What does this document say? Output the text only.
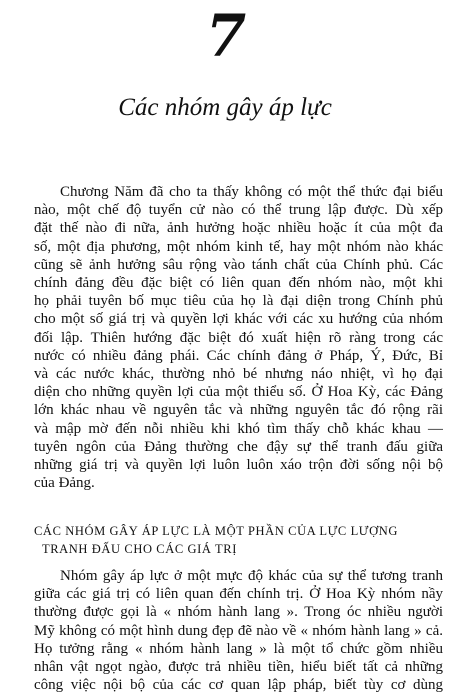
7
Các nhóm gây áp lực
Chương Năm đã cho ta thấy không có một thể thức đại biểu
nào, một chế độ tuyển cử nào có thể trung lập được. Dù xếp
đặt thế nào đi nữa, ảnh hưởng hoặc nhiều hoặc ít của một đa
số, một địa phương, một nhóm kinh tế, hay một nhóm nào khác
cũng sẽ ảnh hưởng sâu rộng vào tánh chất của Chính phủ. Các
chính đảng đều đặc biệt có liên quan đến nhóm nào, một khi
họ phải tuyên bố mục tiêu của họ là đại diện trong Chính phủ
cho một số giá trị và quyền lợi khác với các xu hướng của nhóm
đối lập. Thiên hướng đặc biệt đó xuất hiện rõ ràng trong các
nước có nhiều đảng phái. Các chính đảng ở Pháp, Ý, Đức, Bỉ
và các nước khác, thường nhỏ bé nhưng náo nhiệt, vì họ đại
diện cho những quyền lợi của một thiểu số. Ở Hoa Kỳ, các Đảng
lớn khác nhau về nguyên tắc và những nguyên tắc đó rộng rãi
và mập mờ đến nỗi nhiều khi khó tìm thấy chỗ khác khau —
tuyên ngôn của Đảng thường che đậy sự thể tranh đấu giữa
những giá trị và quyền lợi luôn luôn xáo trộn đời sống nội bộ
của Đảng.
CÁC NHÓM GÂY ÁP LỰC LÀ MỘT PHẦN CỦA LỰC LƯỢNG
TRANH ĐẤU CHO CÁC GIÁ TRỊ
Nhóm gây áp lực ở một mực độ khác của sự thể tương tranh
giữa các giá trị có liên quan đến chính trị. Ở Hoa Kỳ nhóm nầy
thường được gọi là « nhóm hành lang ». Trong óc nhiều người
Mỹ không có một hình dung đẹp đẽ nào về « nhóm hành lang » cả.
Họ tưởng rằng « nhóm hành lang » là một tổ chức gồm nhiều
nhân vật ngọt ngào, được trả nhiều tiền, hiểu biết tất cả những
công việc nội bộ của các cơ quan lập pháp, biết tùy cơ dùng
